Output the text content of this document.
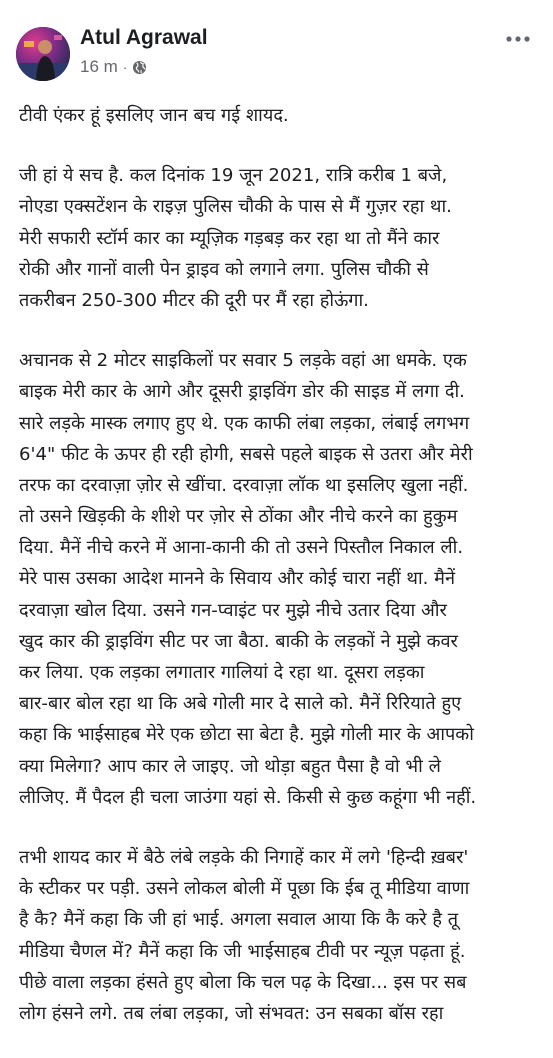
Atul Agrawal
16 m ·

टीवी एंकर हूं इसलिए जान बच गई शायद.

जी हां ये सच है. कल दिनांक 19 जून 2021, रात्रि करीब 1 बजे,
नोएडा एक्सटेंशन के राइज़ पुलिस चौकी के पास से मैं गुज़र रहा था.
मेरी सफारी स्टॉर्म कार का म्यूज़िक गड़बड़ कर रहा था तो मैंने कार
रोकी और गानों वाली पेन ड्राइव को लगाने लगा. पुलिस चौकी से
तकरीबन 250-300 मीटर की दूरी पर मैं रहा होऊंगा.

अचानक से 2 मोटर साइकिलों पर सवार 5 लड़के वहां आ धमके. एक
बाइक मेरी कार के आगे और दूसरी ड्राइविंग डोर की साइड में लगा दी.
सारे लड़के मास्क लगाए हुए थे. एक काफी लंबा लड़का, लंबाई लगभग
6'4" फीट के ऊपर ही रही होगी, सबसे पहले बाइक से उतरा और मेरी
तरफ का दरवाज़ा ज़ोर से खींचा. दरवाज़ा लॉक था इसलिए खुला नहीं.
तो उसने खिड़की के शीशे पर ज़ोर से ठोंका और नीचे करने का हुकुम
दिया. मैनें नीचे करने में आना-कानी की तो उसने पिस्तौल निकाल ली.
मेरे पास उसका आदेश मानने के सिवाय और कोई चारा नहीं था. मैनें
दरवाज़ा खोल दिया. उसने गन-प्वाइंट पर मुझे नीचे उतार दिया और
खुद कार की ड्राइविंग सीट पर जा बैठा. बाकी के लड़कों ने मुझे कवर
कर लिया. एक लड़का लगातार गालियां दे रहा था. दूसरा लड़का
बार-बार बोल रहा था कि अबे गोली मार दे साले को. मैनें रिरियाते हुए
कहा कि भाईसाहब मेरे एक छोटा सा बेटा है. मुझे गोली मार के आपको
क्या मिलेगा? आप कार ले जाइए. जो थोड़ा बहुत पैसा है वो भी ले
लीजिए. मैं पैदल ही चला जाउंगा यहां से. किसी से कुछ कहूंगा भी नहीं.

तभी शायद कार में बैठे लंबे लड़के की निगाहें कार में लगे 'हिन्दी ख़बर'
के स्टीकर पर पड़ी. उसने लोकल बोली में पूछा कि ईब तू मीडिया वाणा
है कै? मैनें कहा कि जी हां भाई. अगला सवाल आया कि कै करे है तू
मीडिया चैणल में? मैनें कहा कि जी भाईसाहब टीवी पर न्यूज़ पढ़ता हूं.
पीछे वाला लड़का हंसते हुए बोला कि चल पढ़ के दिखा... इस पर सब
लोग हंसने लगे. तब लंबा लड़का, जो संभवत: उन सबका बॉस रहा
